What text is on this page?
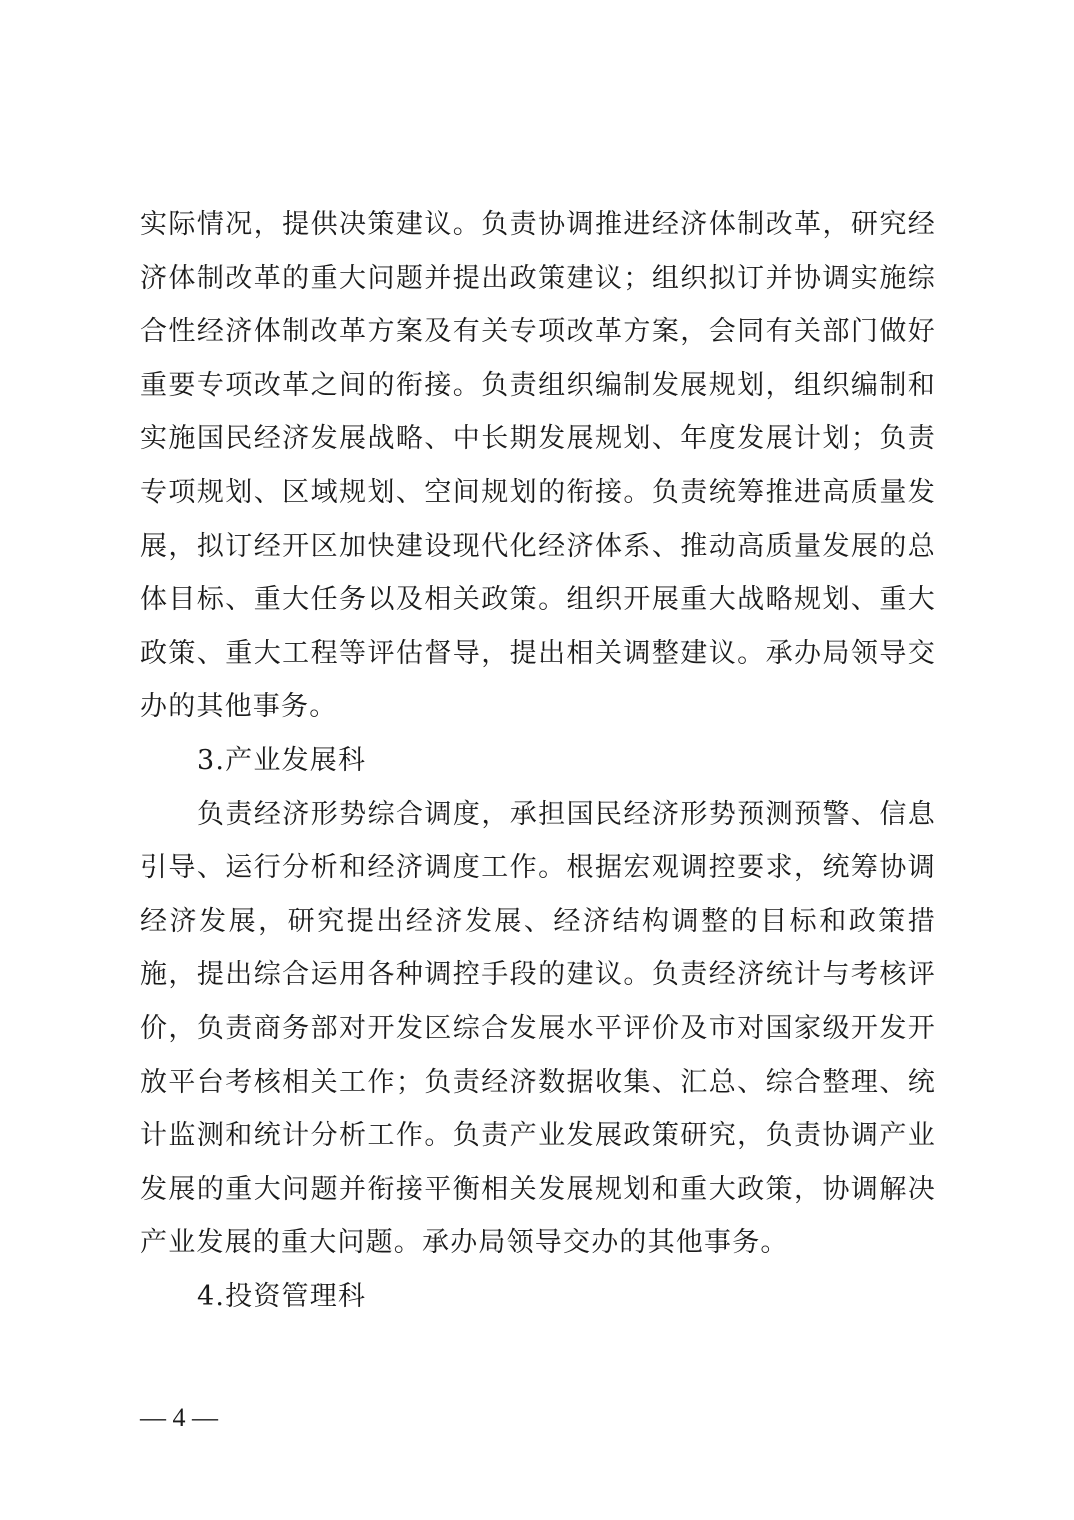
实际情况，提供决策建议。负责协调推进经济体制改革，研究经济体制改革的重大问题并提出政策建议；组织拟订并协调实施综合性经济体制改革方案及有关专项改革方案，会同有关部门做好重要专项改革之间的衔接。负责组织编制发展规划，组织编制和实施国民经济发展战略、中长期发展规划、年度发展计划；负责专项规划、区域规划、空间规划的衔接。负责统筹推进高质量发展，拟订经开区加快建设现代化经济体系、推动高质量发展的总体目标、重大任务以及相关政策。组织开展重大战略规划、重大政策、重大工程等评估督导，提出相关调整建议。承办局领导交办的其他事务。

3.产业发展科

负责经济形势综合调度，承担国民经济形势预测预警、信息引导、运行分析和经济调度工作。根据宏观调控要求，统筹协调经济发展，研究提出经济发展、经济结构调整的目标和政策措施，提出综合运用各种调控手段的建议。负责经济统计与考核评价，负责商务部对开发区综合发展水平评价及市对国家级开发开放平台考核相关工作；负责经济数据收集、汇总、综合整理、统计监测和统计分析工作。负责产业发展政策研究，负责协调产业发展的重大问题并衔接平衡相关发展规划和重大政策，协调解决产业发展的重大问题。承办局领导交办的其他事务。

4.投资管理科

— 4 —
